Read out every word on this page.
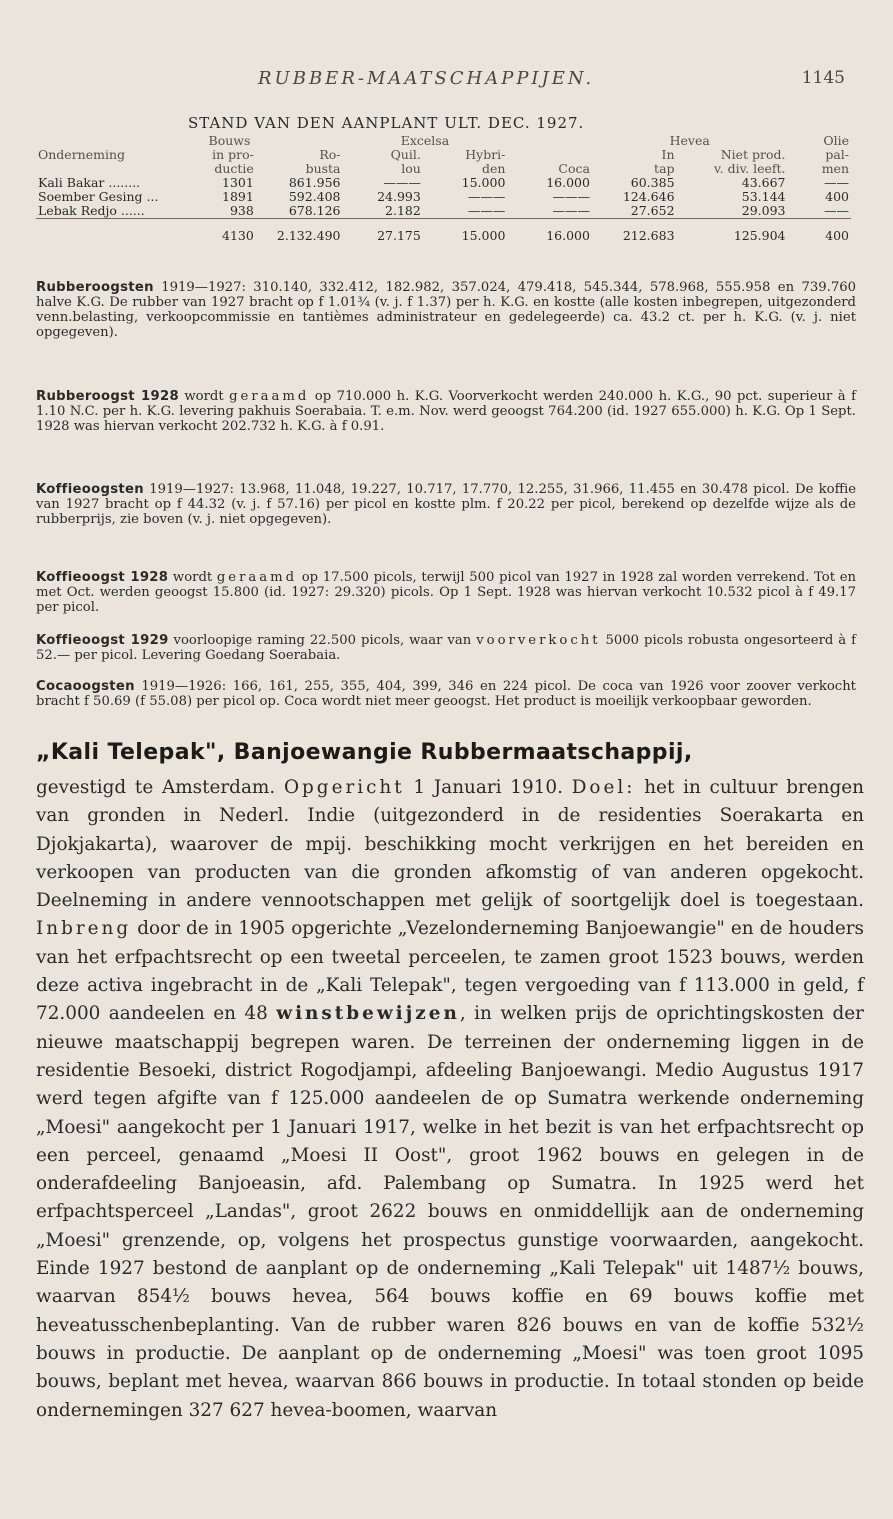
RUBBER-MAATSCHAPPIJEN.	1145
STAND VAN DEN AANPLANT ULT. DEC. 1927.
	Bouws		Excelsa			Hevea		Olie
Onderneming	in pro-	Ro-	Quil.	Hybri-		In	Niet prod.	pal-
	ductie	busta	lou	den	Coca	tap	v. div. leeft.	men
Kali Bakar ........	1301	861.956	———	15.000	16.000	60.385	43.667	——
Soember Gesing ...	1891	592.408	24.993	———	———	124.646	53.144	400
Lebak Redjo ......	938	678.126	2.182	———	———	27.652	29.093	——
	4130	2.132.490	27.175	15.000	16.000	212.683	125.904	400

Rubberoogsten 1919—1927: 310.140, 332.412, 182.982, 357.024, 479.418, 545.344, 578.968, 555.958 en 739.760 halve K.G. De rubber van 1927 bracht op f 1.01¾ (v. j. f 1.37) per h. K.G. en kostte (alle kosten inbegrepen, uitgezonderd venn.belasting, verkoopcommissie en tantièmes administrateur en gedelegeerde) ca. 43.2 ct. per h. K.G. (v. j. niet opgegeven).

Rubberoogst 1928 wordt geraamd op 710.000 h. K.G. Voorverkocht werden 240.000 h. K.G., 90 pct. superieur à f 1.10 N.C. per h. K.G. levering pakhuis Soerabaia. T. e.m. Nov. werd geoogst 764.200 (id. 1927 655.000) h. K.G. Op 1 Sept. 1928 was hiervan verkocht 202.732 h. K.G. à f 0.91.

Koffieoogsten 1919—1927: 13.968, 11.048, 19.227, 10.717, 17.770, 12.255, 31.966, 11.455 en 30.478 picol. De koffie van 1927 bracht op f 44.32 (v. j. f 57.16) per picol en kostte plm. f 20.22 per picol, berekend op dezelfde wijze als de rubberprijs, zie boven (v. j. niet opgegeven).

Koffieoogst 1928 wordt geraamd op 17.500 picols, terwijl 500 picol van 1927 in 1928 zal worden verrekend. Tot en met Oct. werden geoogst 15.800 (id. 1927: 29.320) picols. Op 1 Sept. 1928 was hiervan verkocht 10.532 picol à f 49.17 per picol.

Koffieoogst 1929 voorloopige raming 22.500 picols, waar van voorverkocht 5000 picols robusta ongesorteerd à f 52.— per picol. Levering Goedang Soerabaia.

Cocaoogsten 1919—1926: 166, 161, 255, 355, 404, 399, 346 en 224 picol. De coca van 1926 voor zoover verkocht bracht f 50.69 (f 55.08) per picol op. Coca wordt niet meer geoogst. Het product is moeilijk verkoopbaar geworden.

„Kali Telepak", Banjoewangie Rubbermaatschappij,

gevestigd te Amsterdam. Opgericht 1 Januari 1910. Doel: het in cultuur brengen van gronden in Nederl. Indie (uitgezonderd in de residenties Soerakarta en Djokjakarta), waarover de mpij. beschikking mocht verkrijgen en het bereiden en verkoopen van producten van die gronden afkomstig of van anderen opgekocht. Deelneming in andere vennootschappen met gelijk of soortgelijk doel is toegestaan. Inbreng door de in 1905 opgerichte „Vezelonderneming Banjoewangie" en de houders van het erfpachtsrecht op een tweetal perceelen, te zamen groot 1523 bouws, werden deze activa ingebracht in de „Kali Telepak", tegen vergoeding van f 113.000 in geld, f 72.000 aandeelen en 48 winstbewijzen, in welken prijs de oprichtingskosten der nieuwe maatschappij begrepen waren. De terreinen der onderneming liggen in de residentie Besoeki, district Rogodjampi, afdeeling Banjoewangi. Medio Augustus 1917 werd tegen afgifte van f 125.000 aandeelen de op Sumatra werkende onderneming „Moesi" aangekocht per 1 Januari 1917, welke in het bezit is van het erfpachtsrecht op een perceel, genaamd „Moesi II Oost", groot 1962 bouws en gelegen in de onderafdeeling Banjoeasin, afd. Palembang op Sumatra. In 1925 werd het erfpachtsperceel „Landas", groot 2622 bouws en onmiddellijk aan de onderneming „Moesi" grenzende, op, volgens het prospectus gunstige voorwaarden, aangekocht. Einde 1927 bestond de aanplant op de onderneming „Kali Telepak" uit 1487½ bouws, waarvan 854½ bouws hevea, 564 bouws koffie en 69 bouws koffie met heveatusschenbeplanting. Van de rubber waren 826 bouws en van de koffie 532½ bouws in productie. De aanplant op de onderneming „Moesi" was toen groot 1095 bouws, beplant met hevea, waarvan 866 bouws in productie. In totaal stonden op beide ondernemingen 327 627 hevea-boomen, waarvan
